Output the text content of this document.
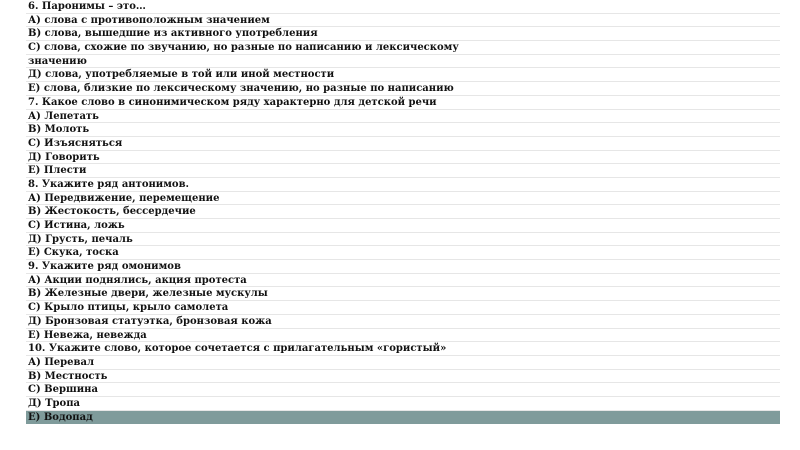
6. Паронимы – это…
А) слова с противоположным значением
В) слова, вышедшие из активного употребления
С) слова, схожие по звучанию, но разные по написанию и лексическому
значению
Д) слова, употребляемые в той или иной местности
Е) слова, близкие по лексическому значению, но разные по написанию
7. Какое слово в синонимическом ряду характерно для детской речи
А) Лепетать
В) Молоть
С) Изъясняться
Д) Говорить
Е) Плести
8. Укажите ряд антонимов.
А) Передвижение, перемещение
В) Жестокость, бессердечие
С) Истина, ложь
Д) Грусть, печаль
Е) Скука, тоска
9. Укажите ряд омонимов
А) Акции поднялись, акция протеста
В) Железные двери, железные мускулы
С) Крыло птицы, крыло самолета
Д) Бронзовая статуэтка, бронзовая кожа
Е) Невежа, невежда
10. Укажите слово, которое сочетается с прилагательным «гористый»
А) Перевал
В) Местность
С) Вершина
Д) Тропа
Е) Водопад
